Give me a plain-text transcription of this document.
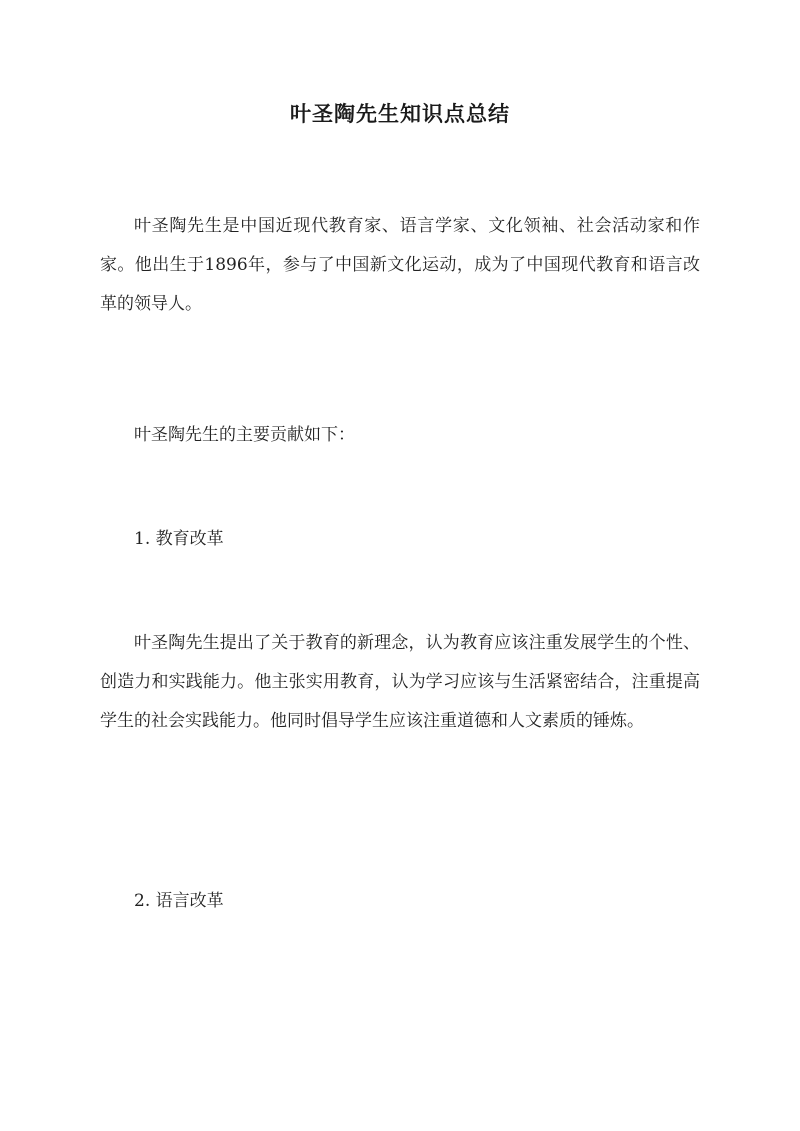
叶圣陶先生知识点总结

叶圣陶先生是中国近现代教育家、语言学家、文化领袖、社会活动家和作家。他出生于1896年，参与了中国新文化运动，成为了中国现代教育和语言改革的领导人。

叶圣陶先生的主要贡献如下：

1. 教育改革

叶圣陶先生提出了关于教育的新理念，认为教育应该注重发展学生的个性、创造力和实践能力。他主张实用教育，认为学习应该与生活紧密结合，注重提高学生的社会实践能力。他同时倡导学生应该注重道德和人文素质的锤炼。

2. 语言改革
